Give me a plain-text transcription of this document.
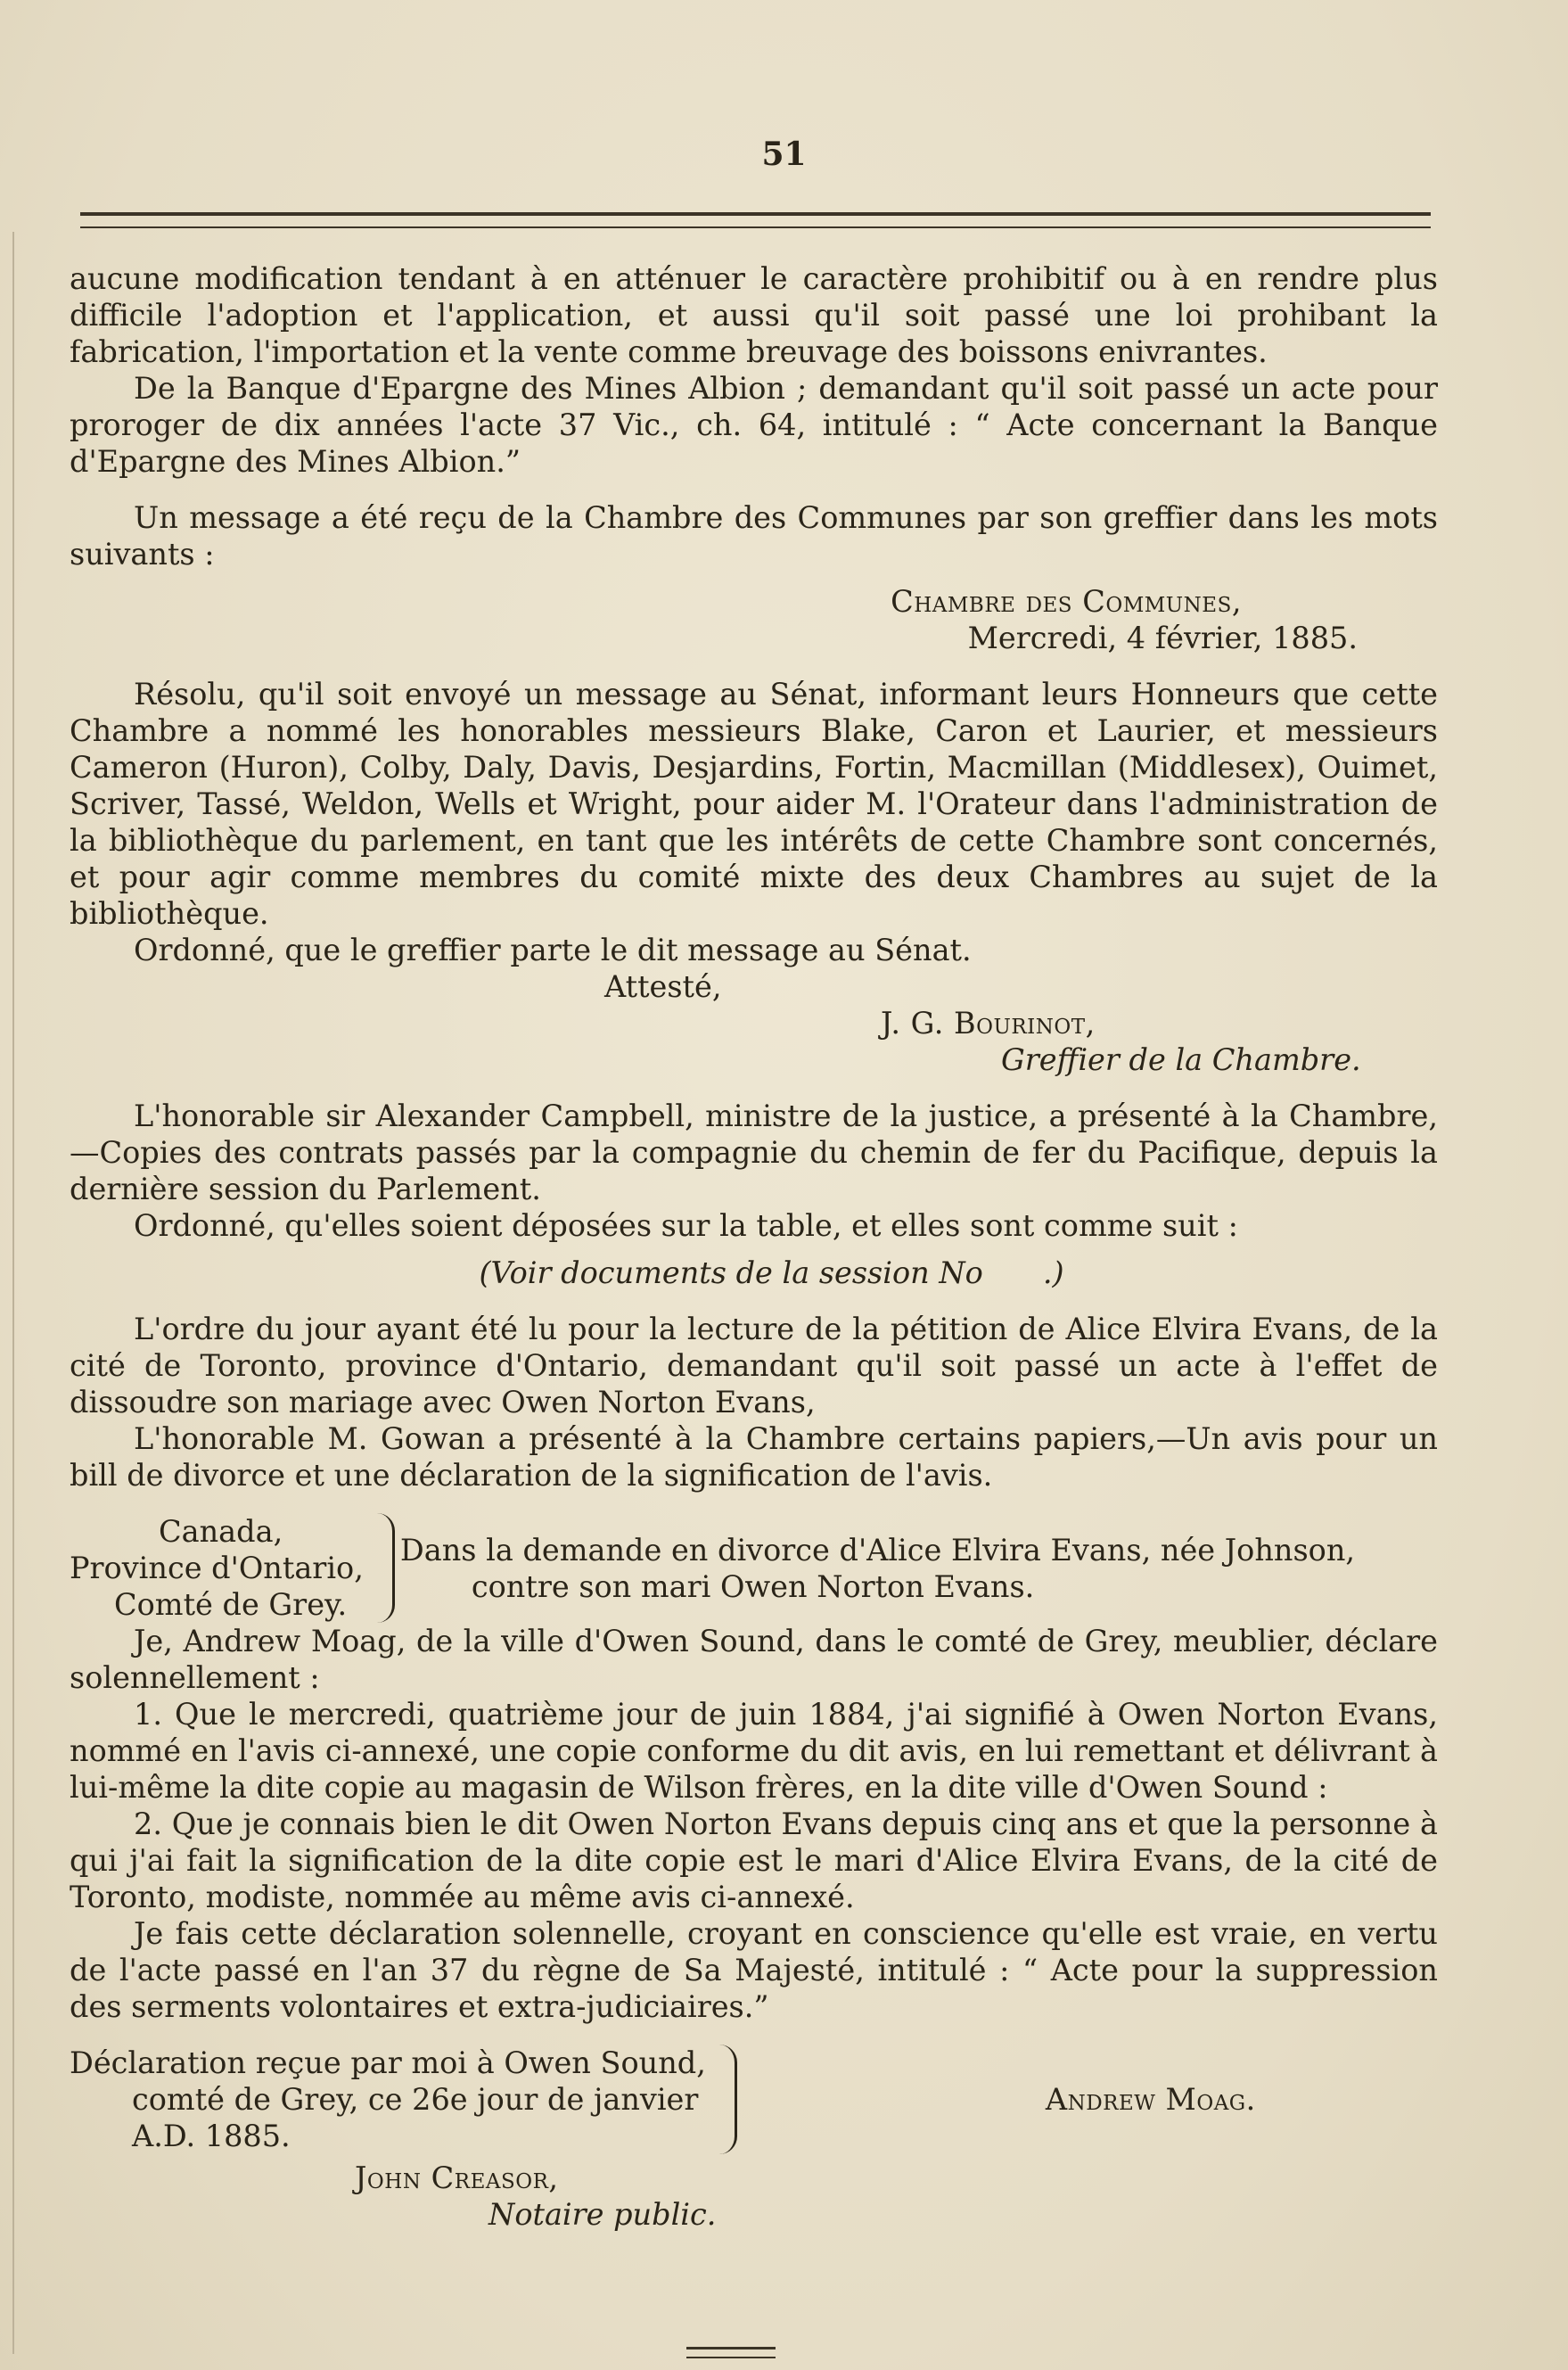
51

aucune modification tendant à en atténuer le caractère prohibitif ou à en rendre plus difficile l'adoption et l'application, et aussi qu'il soit passé une loi prohibant la fabrication, l'importation et la vente comme breuvage des boissons enivrantes.

De la Banque d'Epargne des Mines Albion ; demandant qu'il soit passé un acte pour proroger de dix années l'acte 37 Vic., ch. 64, intitulé : “ Acte concernant la Banque d'Epargne des Mines Albion.”

Un message a été reçu de la Chambre des Communes par son greffier dans les mots suivants :

Chambre des Communes,

Mercredi, 4 février, 1885.

Résolu, qu'il soit envoyé un message au Sénat, informant leurs Honneurs que cette Chambre a nommé les honorables messieurs Blake, Caron et Laurier, et messieurs Cameron (Huron), Colby, Daly, Davis, Desjardins, Fortin, Macmillan (Middlesex), Ouimet, Scriver, Tassé, Weldon, Wells et Wright, pour aider M. l'Orateur dans l'administration de la bibliothèque du parlement, en tant que les intérêts de cette Chambre sont concernés, et pour agir comme membres du comité mixte des deux Chambres au sujet de la bibliothèque.

Ordonné, que le greffier parte le dit message au Sénat.

Attesté,

J. G. Bourinot,

Greffier de la Chambre.

L'honorable sir Alexander Campbell, ministre de la justice, a présenté à la Chambre,—Copies des contrats passés par la compagnie du chemin de fer du Pacifique, depuis la dernière session du Parlement.

Ordonné, qu'elles soient déposées sur la table, et elles sont comme suit :

(Voir documents de la session No  .)

L'ordre du jour ayant été lu pour la lecture de la pétition de Alice Elvira Evans, de la cité de Toronto, province d'Ontario, demandant qu'il soit passé un acte à l'effet de dissoudre son mariage avec Owen Norton Evans,

L'honorable M. Gowan a présenté à la Chambre certains papiers,—Un avis pour un bill de divorce et une déclaration de la signification de l'avis.

Canada,
Province d'Ontario,
Comté de Grey.
Dans la demande en divorce d'Alice Elvira Evans, née Johnson,
contre son mari Owen Norton Evans.

Je, Andrew Moag, de la ville d'Owen Sound, dans le comté de Grey, meublier, déclare solennellement :

1. Que le mercredi, quatrième jour de juin 1884, j'ai signifié à Owen Norton Evans, nommé en l'avis ci-annexé, une copie conforme du dit avis, en lui remettant et délivrant à lui-même la dite copie au magasin de Wilson frères, en la dite ville d'Owen Sound :

2. Que je connais bien le dit Owen Norton Evans depuis cinq ans et que la personne à qui j'ai fait la signification de la dite copie est le mari d'Alice Elvira Evans, de la cité de Toronto, modiste, nommée au même avis ci-annexé.

Je fais cette déclaration solennelle, croyant en conscience qu'elle est vraie, en vertu de l'acte passé en l'an 37 du règne de Sa Majesté, intitulé : “ Acte pour la suppression des serments volontaires et extra-judiciaires.”

Déclaration reçue par moi à Owen Sound,
comté de Grey, ce 26e jour de janvier
A.D. 1885.
Andrew Moag.

John Creasor,

Notaire public.
